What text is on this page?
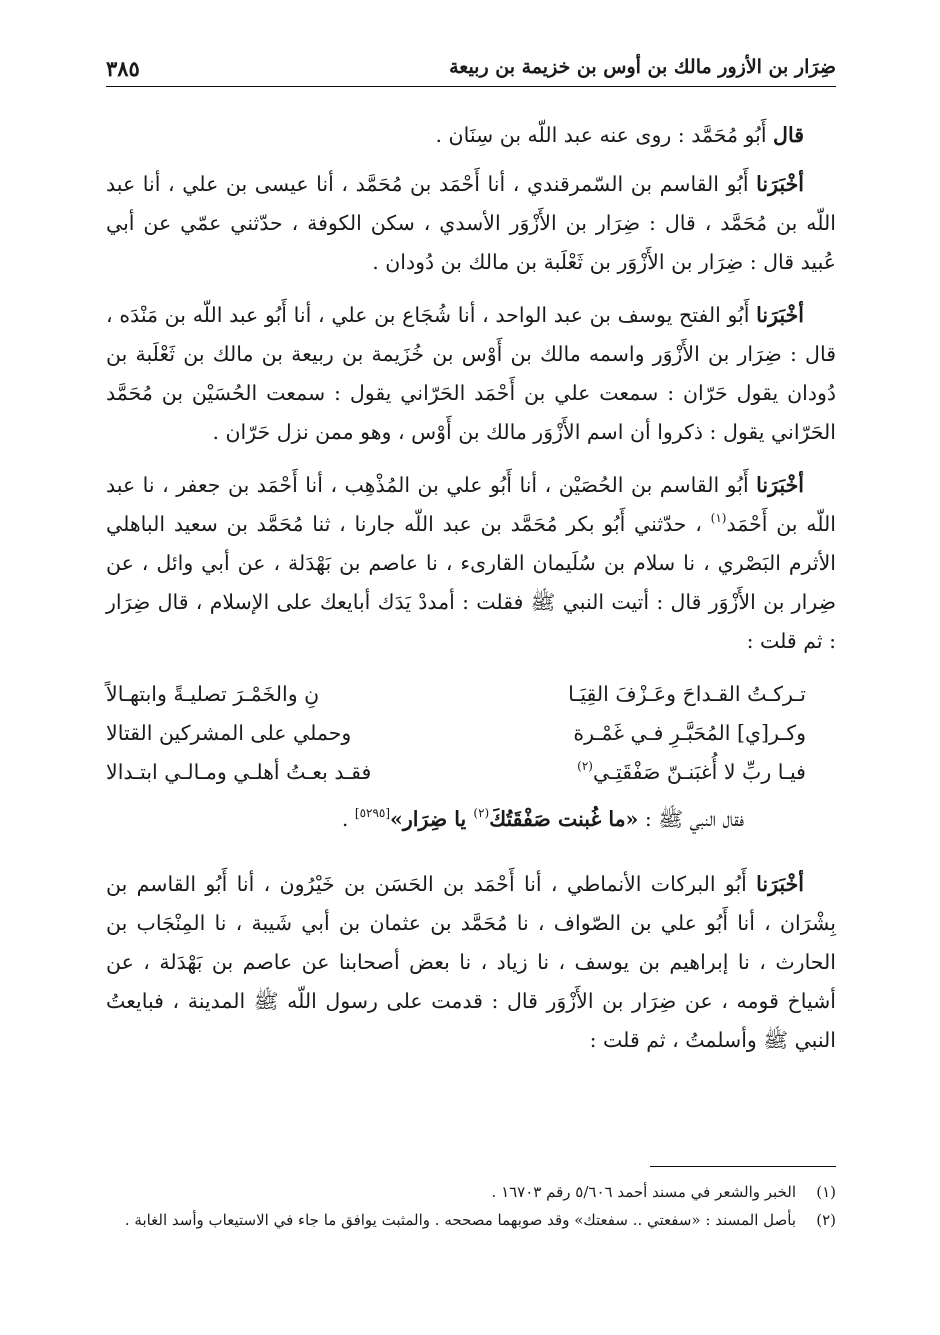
ضِرَار بن الأزور مالك بن أوس بن خزيمة بن ربيعة
٣٨٥

قال أَبُو مُحَمَّد : روى عنه عبد اللّه بن سِنَان .

أخْبَرَنا أَبُو القاسم بن السّمرقندي ، أنا أَحْمَد بن مُحَمَّد ، أنا عيسى بن علي ، أنا عبد اللّه بن مُحَمَّد ، قال : ضِرَار بن الأَزْوَر الأسدي ، سكن الكوفة ، حدّثني عمّي عن أبي عُبيد قال : ضِرَار بن الأَزْوَر بن ثَعْلَبة بن مالك بن دُودان .

أخْبَرَنا أَبُو الفتح يوسف بن عبد الواحد ، أنا شُجَاع بن علي ، أنا أَبُو عبد اللّه بن مَنْدَه ، قال : ضِرَار بن الأَزْوَر واسمه مالك بن أَوْس بن خُزَيمة بن ربيعة بن مالك بن ثَعْلَبة بن دُودان يقول حَرّان : سمعت علي بن أَحْمَد الحَرّاني يقول : سمعت الحُسَيْن بن مُحَمَّد الحَرّاني يقول : ذكروا أن اسم الأَزْوَر مالك بن أَوْس ، وهو ممن نزل حَرّان .

أخْبَرَنا أَبُو القاسم بن الحُصَيْن ، أنا أَبُو علي بن المُذْهِب ، أنا أَحْمَد بن جعفر ، نا عبد اللّه بن أَحْمَد$^{(١)}$ ، حدّثني أَبُو بكر مُحَمَّد بن عبد اللّه جارنا ، ثنا مُحَمَّد بن سعيد الباهلي الأثرم البَصْري ، نا سلام بن سُلَيمان القارىء ، نا عاصم بن بَهْدَلة ، عن أبي وائل ، عن ضِرار بن الأَزْوَر قال : أتيت النبي ﷺ فقلت : أمددْ يَدَك أبايعك على الإسلام ، قال ضِرَار : ثم قلت :

تـركـتُ القـداحَ وعَـزْفَ القِيَـا
نِ والخَمْـرَ تصليـةً وابتهـالاً
وكـر[ي] المُحَبَّـرِ فـي غَمْـرة
وحملي على المشركين القتالا
فيـا ربِّ لا أُغبَنـنّ صَفْقَتِـي$^{(٢)}$
فقـد بعـتُ أهلـي ومـالـي ابتـدالا

فقال النبي ﷺ : «ما غُبنت صَفْقَتُكَ$^{(٢)}$ يا ضِرَار»[٥٢٩٥] .

أخْبَرَنا أَبُو البركات الأنماطي ، أنا أَحْمَد بن الحَسَن بن خَيْرُون ، أنا أَبُو القاسم بن بِشْرَان ، أنا أَبُو علي بن الصّواف ، نا مُحَمَّد بن عثمان بن أبي شَيبة ، نا المِنْجَاب بن الحارث ، نا إبراهيم بن يوسف ، نا زياد ، نا بعض أصحابنا عن عاصم بن بَهْدَلة ، عن أشياخ قومه ، عن ضِرَار بن الأَزْوَر قال : قدمت على رسول اللّه ﷺ المدينة ، فبايعتُ النبي ﷺ وأسلمتُ ، ثم قلت :

(١)
الخبر والشعر في مسند أحمد ٥/٦٠٦ رقم ١٦٧٠٣ .
(٢)
بأصل المسند : «سفعتي .. سفعتك» وقد صوبهما مصححه . والمثبت يوافق ما جاء في الاستيعاب وأسد الغابة .
